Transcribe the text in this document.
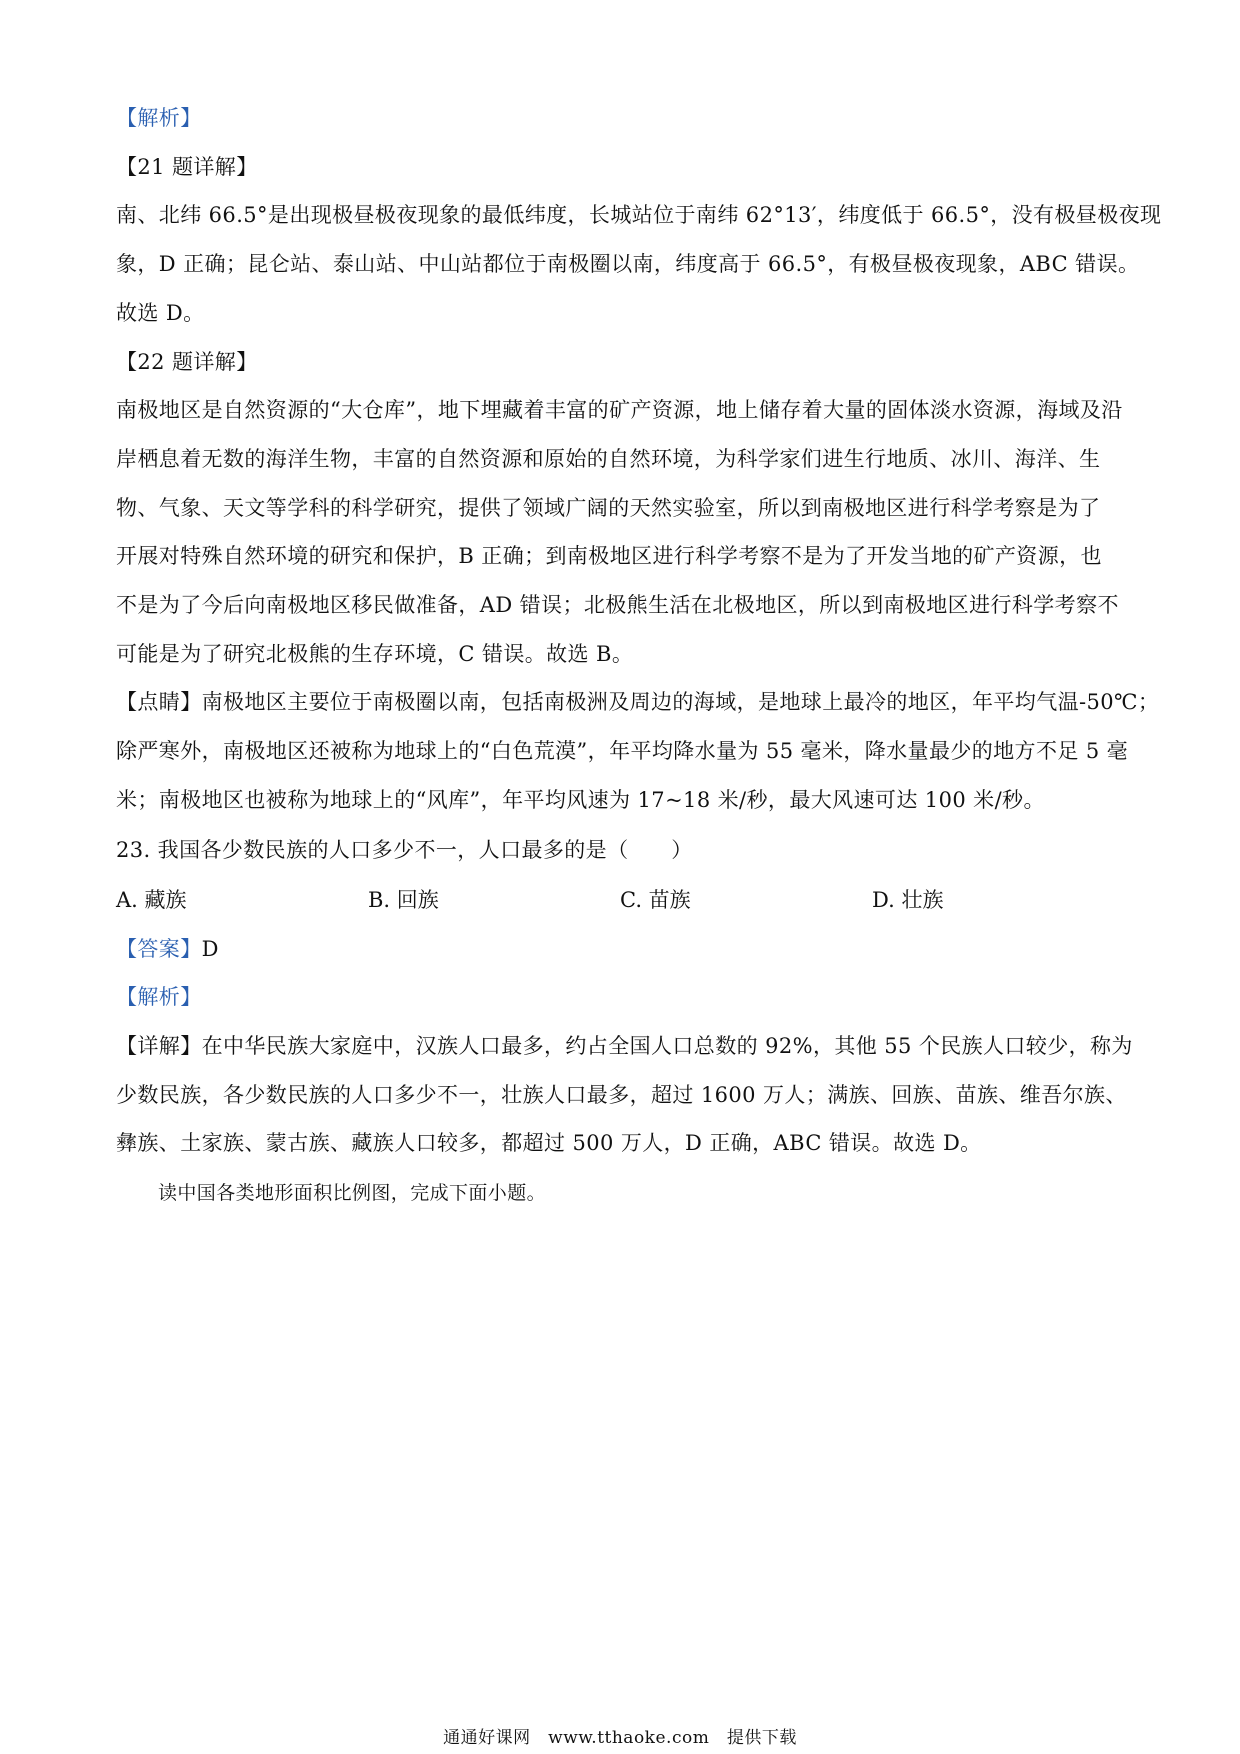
【解析】
【21 题详解】
南、北纬 66.5°是出现极昼极夜现象的最低纬度，长城站位于南纬 62°13′，纬度低于 66.5°，没有极昼极夜现
象，D 正确；昆仑站、泰山站、中山站都位于南极圈以南，纬度高于 66.5°，有极昼极夜现象，ABC 错误。
故选 D。
【22 题详解】
南极地区是自然资源的“大仓库”，地下埋藏着丰富的矿产资源，地上储存着大量的固体淡水资源，海域及沿
岸栖息着无数的海洋生物，丰富的自然资源和原始的自然环境，为科学家们进生行地质、冰川、海洋、生
物、气象、天文等学科的科学研究，提供了领域广阔的天然实验室，所以到南极地区进行科学考察是为了
开展对特殊自然环境的研究和保护，B 正确；到南极地区进行科学考察不是为了开发当地的矿产资源，也
不是为了今后向南极地区移民做准备，AD 错误；北极熊生活在北极地区，所以到南极地区进行科学考察不
可能是为了研究北极熊的生存环境，C 错误。故选 B。
【点睛】南极地区主要位于南极圈以南，包括南极洲及周边的海域，是地球上最冷的地区，年平均气温-50℃；
除严寒外，南极地区还被称为地球上的“白色荒漠”，年平均降水量为 55 毫米，降水量最少的地方不足 5 毫
米；南极地区也被称为地球上的“风库”，年平均风速为 17~18 米/秒，最大风速可达 100 米/秒。
23. 我国各少数民族的人口多少不一，人口最多的是（　　）
A. 藏族	B. 回族	C. 苗族	D. 壮族
【答案】D
【解析】
【详解】在中华民族大家庭中，汉族人口最多，约占全国人口总数的 92%，其他 55 个民族人口较少，称为
少数民族，各少数民族的人口多少不一，壮族人口最多，超过 1600 万人；满族、回族、苗族、维吾尔族、
彝族、土家族、蒙古族、藏族人口较多，都超过 500 万人，D 正确，ABC 错误。故选 D。
读中国各类地形面积比例图，完成下面小题。
通通好课网　www.tthaoke.com　提供下载
